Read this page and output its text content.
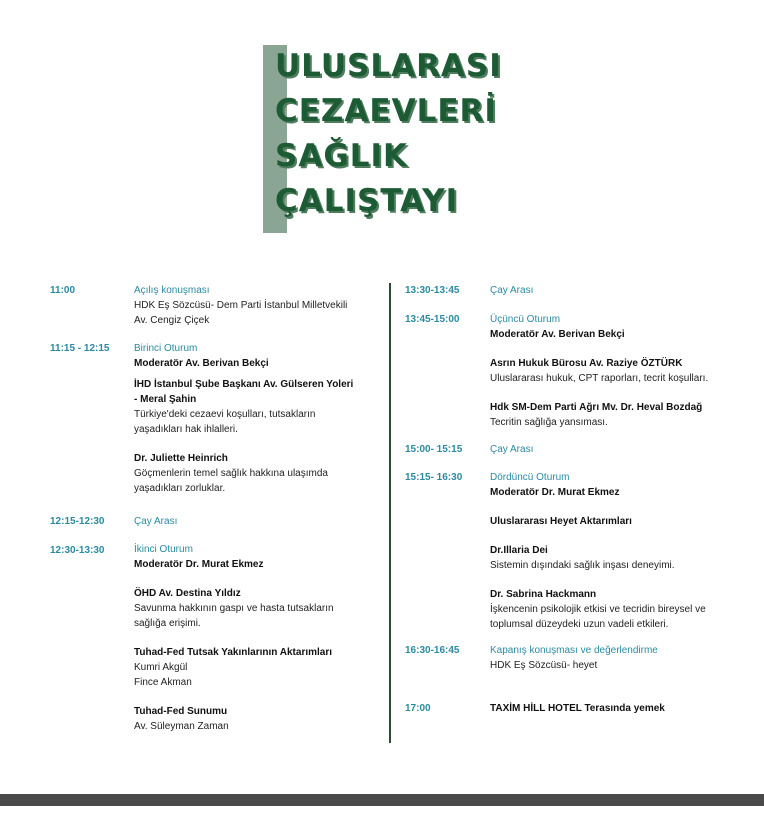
ULUSLARASI
CEZAEVLERİ
SAĞLIK
ÇALIŞTAYI
11:00	Açılış konuşması
HDK Eş Sözcüsü- Dem Parti İstanbul Milletvekili
Av. Cengiz Çiçek
11:15 - 12:15 Birinci Oturum
Moderatör Av. Berivan Bekçi
İHD İstanbul Şube Başkanı Av. Gülseren Yoleri - Meral Şahin
Türkiye'deki cezaevi koşulları, tutsakların yaşadıkları hak ihlalleri.
Dr. Juliette Heinrich
Göçmenlerin temel sağlık hakkına ulaşımda yaşadıkları zorluklar.
12:15-12:30	Çay Arası
12:30-13:30	İkinci Oturum
Moderatör Dr. Murat Ekmez
ÖHD Av. Destina Yıldız
Savunma hakkının gaspı ve hasta tutsakların sağlığa erişimi.
Tuhad-Fed Tutsak Yakınlarının Aktarımları
Kumri Akgül
Fince Akman
Tuhad-Fed Sunumu
Av. Süleyman Zaman
13:30-13:45	Çay Arası
13:45-15:00	Üçüncü Oturum
Moderatör Av. Berivan Bekçi
Asrın Hukuk Bürosu Av. Raziye ÖZTÜRK
Uluslararası hukuk, CPT raporları, tecrit koşulları.
Hdk SM-Dem Parti Ağrı Mv. Dr. Heval Bozdağ
Tecritin sağlığa yansıması.
15:00- 15:15	Çay Arası
15:15- 16:30	Dördüncü Oturum
Moderatör Dr. Murat Ekmez
Uluslararası Heyet Aktarımları
Dr.Illaria Dei
Sistemin dışındaki sağlık inşası deneyimi.
Dr. Sabrina Hackmann
İşkencenin psikolojik etkisi ve tecridin bireysel ve toplumsal düzeydeki uzun vadeli etkileri.
16:30-16:45	Kapanış konuşması ve değerlendirme
HDK Eş Sözcüsü- heyet
17:00	TAXİM HİLL HOTEL Terasında yemek
